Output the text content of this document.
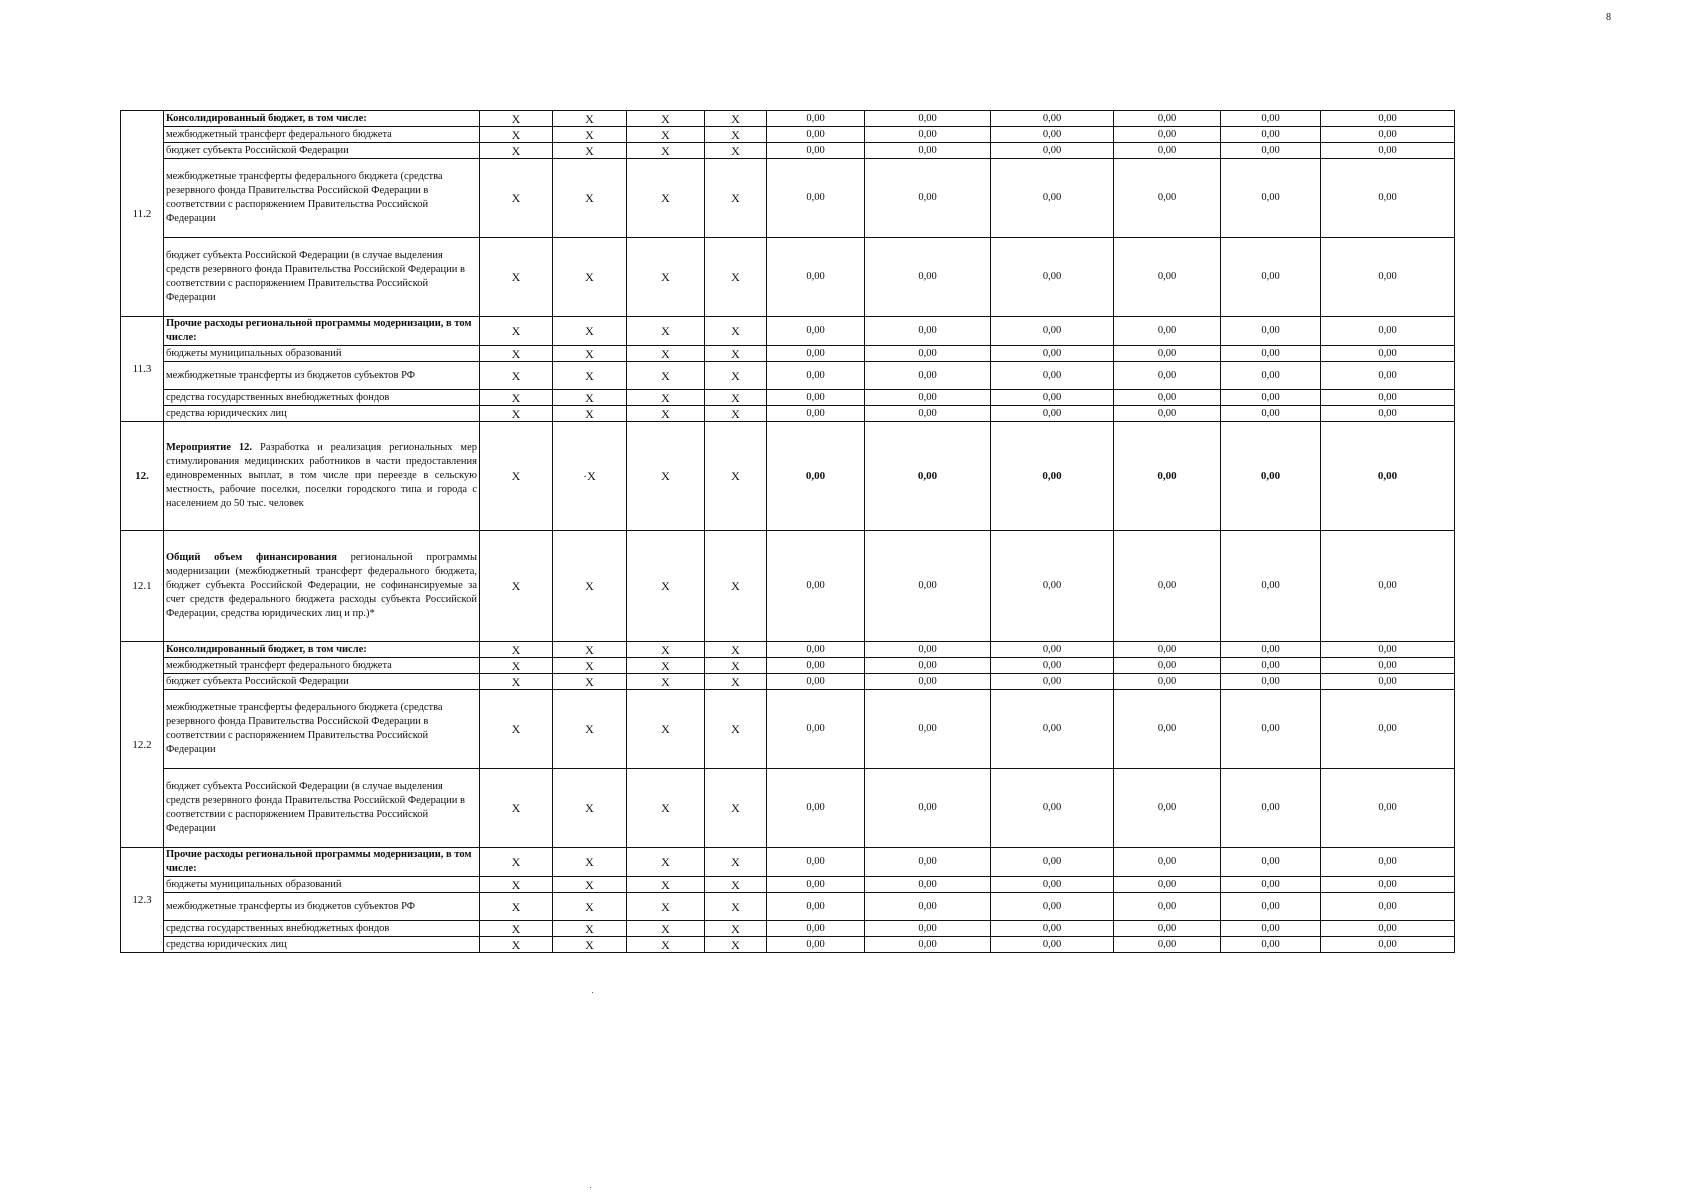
8
11.2	Консолидированный бюджет, в том числе:	X	X	X	X	0,00	0,00	0,00	0,00	0,00	0,00
	межбюджетный трансферт федерального бюджета	X	X	X	X	0,00	0,00	0,00	0,00	0,00	0,00
	бюджет субъекта Российской Федерации	X	X	X	X	0,00	0,00	0,00	0,00	0,00	0,00
	межбюджетные трансферты федерального бюджета (средства резервного фонда Правительства Российской Федерации в соответствии с распоряжением Правительства Российской Федерации	X	X	X	X	0,00	0,00	0,00	0,00	0,00	0,00
	бюджет субъекта Российской Федерации (в случае выделения средств резервного фонда Правительства Российской Федерации в соответствии с распоряжением Правительства Российской Федерации	X	X	X	X	0,00	0,00	0,00	0,00	0,00	0,00
11.3	Прочие расходы региональной программы модернизации, в том числе:	X	X	X	X	0,00	0,00	0,00	0,00	0,00	0,00
	бюджеты муниципальных образований	X	X	X	X	0,00	0,00	0,00	0,00	0,00	0,00
	межбюджетные трансферты из бюджетов субъектов РФ	X	X	X	X	0,00	0,00	0,00	0,00	0,00	0,00
	средства государственных внебюджетных фондов	X	X	X	X	0,00	0,00	0,00	0,00	0,00	0,00
	средства юридических лиц	X	X	X	X	0,00	0,00	0,00	0,00	0,00	0,00
12.	Мероприятие 12. Разработка и реализация региональных мер стимулирования медицинских работников в части предоставления единовременных выплат, в том числе при переезде в сельскую местность, рабочие поселки, поселки городского типа и города с населением до 50 тыс. человек	X	·X	X	X	0,00	0,00	0,00	0,00	0,00	0,00
12.1	Общий объем финансирования региональной программы модернизации (межбюджетный трансферт федерального бюджета, бюджет субъекта Российской Федерации, не софинансируемые за счет средств федерального бюджета расходы субъекта Российской Федерации, средства юридических лиц и пр.)*	X	X	X	X	0,00	0,00	0,00	0,00	0,00	0,00
12.2	Консолидированный бюджет, в том числе:	X	X	X	X	0,00	0,00	0,00	0,00	0,00	0,00
	межбюджетный трансферт федерального бюджета	X	X	X	X	0,00	0,00	0,00	0,00	0,00	0,00
	бюджет субъекта Российской Федерации	X	X	X	X	0,00	0,00	0,00	0,00	0,00	0,00
	межбюджетные трансферты федерального бюджета (средства резервного фонда Правительства Российской Федерации в соответствии с распоряжением Правительства Российской Федерации	X	X	X	X	0,00	0,00	0,00	0,00	0,00	0,00
	бюджет субъекта Российской Федерации (в случае выделения средств резервного фонда Правительства Российской Федерации в соответствии с распоряжением Правительства Российской Федерации	X	X	X	X	0,00	0,00	0,00	0,00	0,00	0,00
12.3	Прочие расходы региональной программы модернизации, в том числе:	X	X	X	X	0,00	0,00	0,00	0,00	0,00	0,00
	бюджеты муниципальных образований	X	X	X	X	0,00	0,00	0,00	0,00	0,00	0,00
	межбюджетные трансферты из бюджетов субъектов РФ	X	X	X	X	0,00	0,00	0,00	0,00	0,00	0,00
	средства государственных внебюджетных фондов	X	X	X	X	0,00	0,00	0,00	0,00	0,00	0,00
	средства юридических лиц	X	X	X	X	0,00	0,00	0,00	0,00	0,00	0,00
